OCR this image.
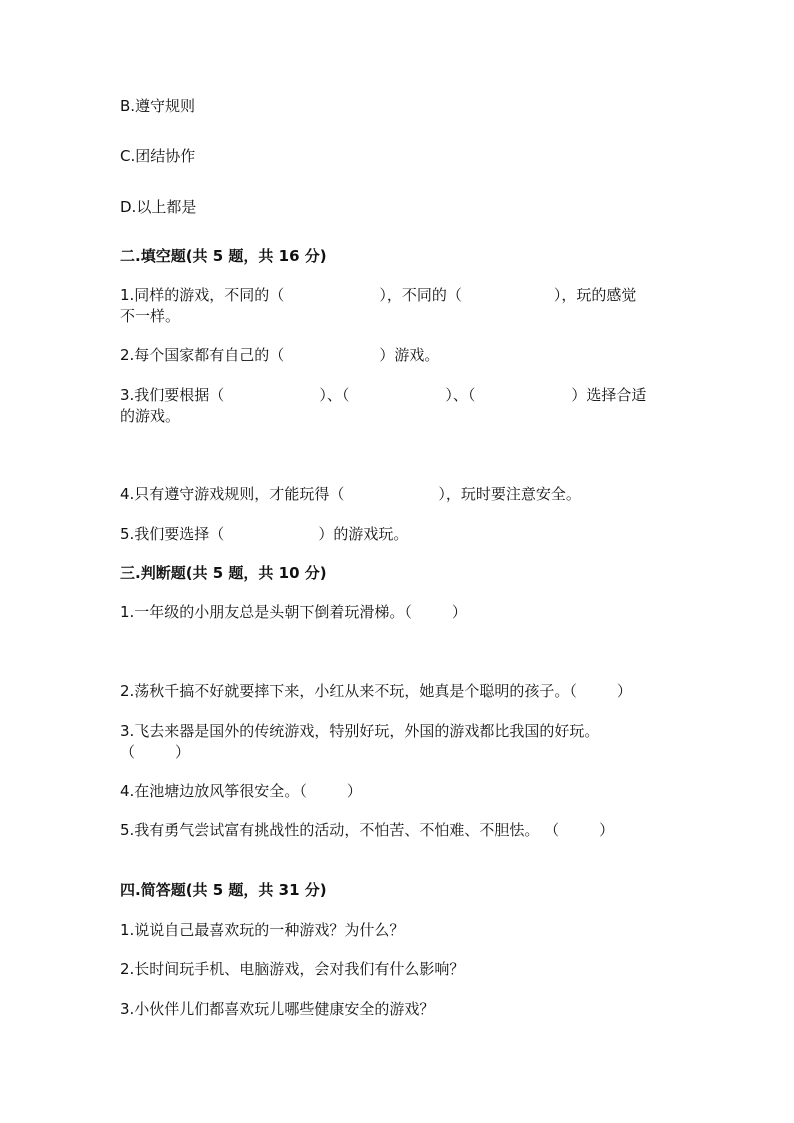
B.遵守规则

C.团结协作

D.以上都是

二.填空题(共 5 题，共 16 分)

1.同样的游戏，不同的（	），不同的（	），玩的感觉

不一样。

2.每个国家都有自己的（	）游戏。

3.我们要根据（	）、（	）、（	）选择合适

的游戏。

4.只有遵守游戏规则，才能玩得（	），玩时要注意安全。

5.我们要选择（	）的游戏玩。

三.判断题(共 5 题，共 10 分)

1.一年级的小朋友总是头朝下倒着玩滑梯。（	）

2.荡秋千搞不好就要摔下来，小红从来不玩，她真是个聪明的孩子。（	）

3.飞去来器是国外的传统游戏，特别好玩，外国的游戏都比我国的好玩。

（	）

4.在池塘边放风筝很安全。（	）

5.我有勇气尝试富有挑战性的活动，不怕苦、不怕难、不胆怯。 （	）

四.简答题(共 5 题，共 31 分)

1.说说自己最喜欢玩的一种游戏？为什么？

2.长时间玩手机、电脑游戏，会对我们有什么影响？

3.小伙伴儿们都喜欢玩儿哪些健康安全的游戏？
